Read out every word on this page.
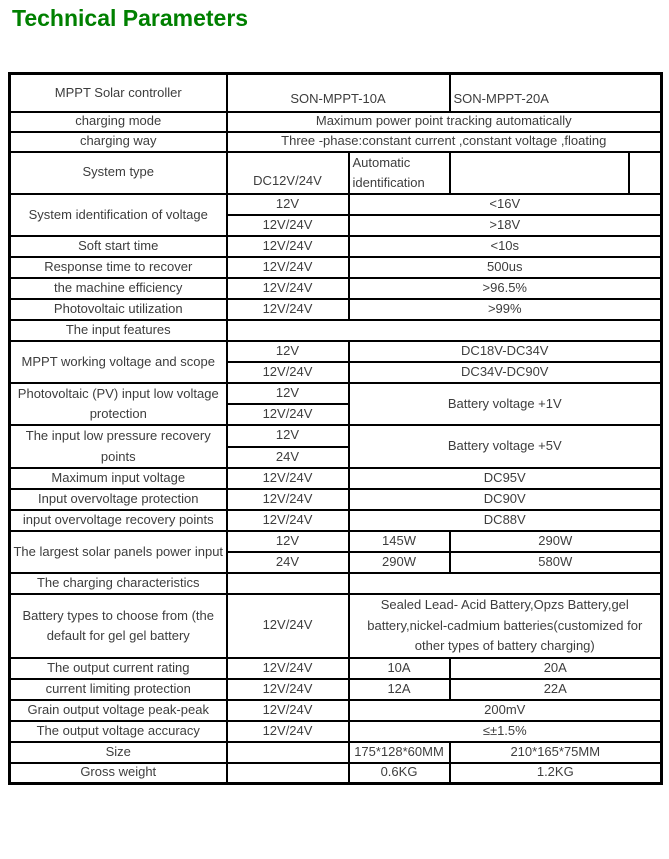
Technical Parameters
MPPT Solar controller	SON-MPPT-10A		SON-MPPT-20A	
charging mode	Maximum power point tracking automatically			
charging way	Three -phase:constant current ,constant voltage ,floating			
System type	DC12V/24V	Automatic identification		
System identification of voltage	12V	<16V		
	12V/24V	>18V		
Soft start time	12V/24V	<10s		
Response time to recover	12V/24V	500us		
the machine efficiency	12V/24V	>96.5%		
Photovoltaic utilization	12V/24V	>99%		
The input features				
MPPT working voltage and scope	12V	DC18V-DC34V		
	12V/24V	DC34V-DC90V		
Photovoltaic (PV) input low voltage protection	12V	Battery voltage +1V		
	12V/24V			
The input low pressure recovery points	12V	Battery voltage +5V		
	24V			
Maximum input voltage	12V/24V	DC95V		
Input overvoltage protection	12V/24V	DC90V		
input overvoltage recovery points	12V/24V	DC88V		
The largest solar panels power input	12V	145W	290W	
	24V	290W	580W	
The charging characteristics				
Battery types to choose from (the default for gel gel battery	12V/24V	Sealed Lead- Acid Battery,Opzs Battery,gel battery,nickel-cadmium batteries(customized for other types of battery charging)		
The output current rating	12V/24V	10A	20A	
current limiting protection	12V/24V	12A	22A	
Grain output voltage peak-peak	12V/24V	200mV		
The output voltage accuracy	12V/24V	≤±1.5%		
Size		175*128*60MM	210*165*75MM	
Gross weight		0.6KG	1.2KG	
